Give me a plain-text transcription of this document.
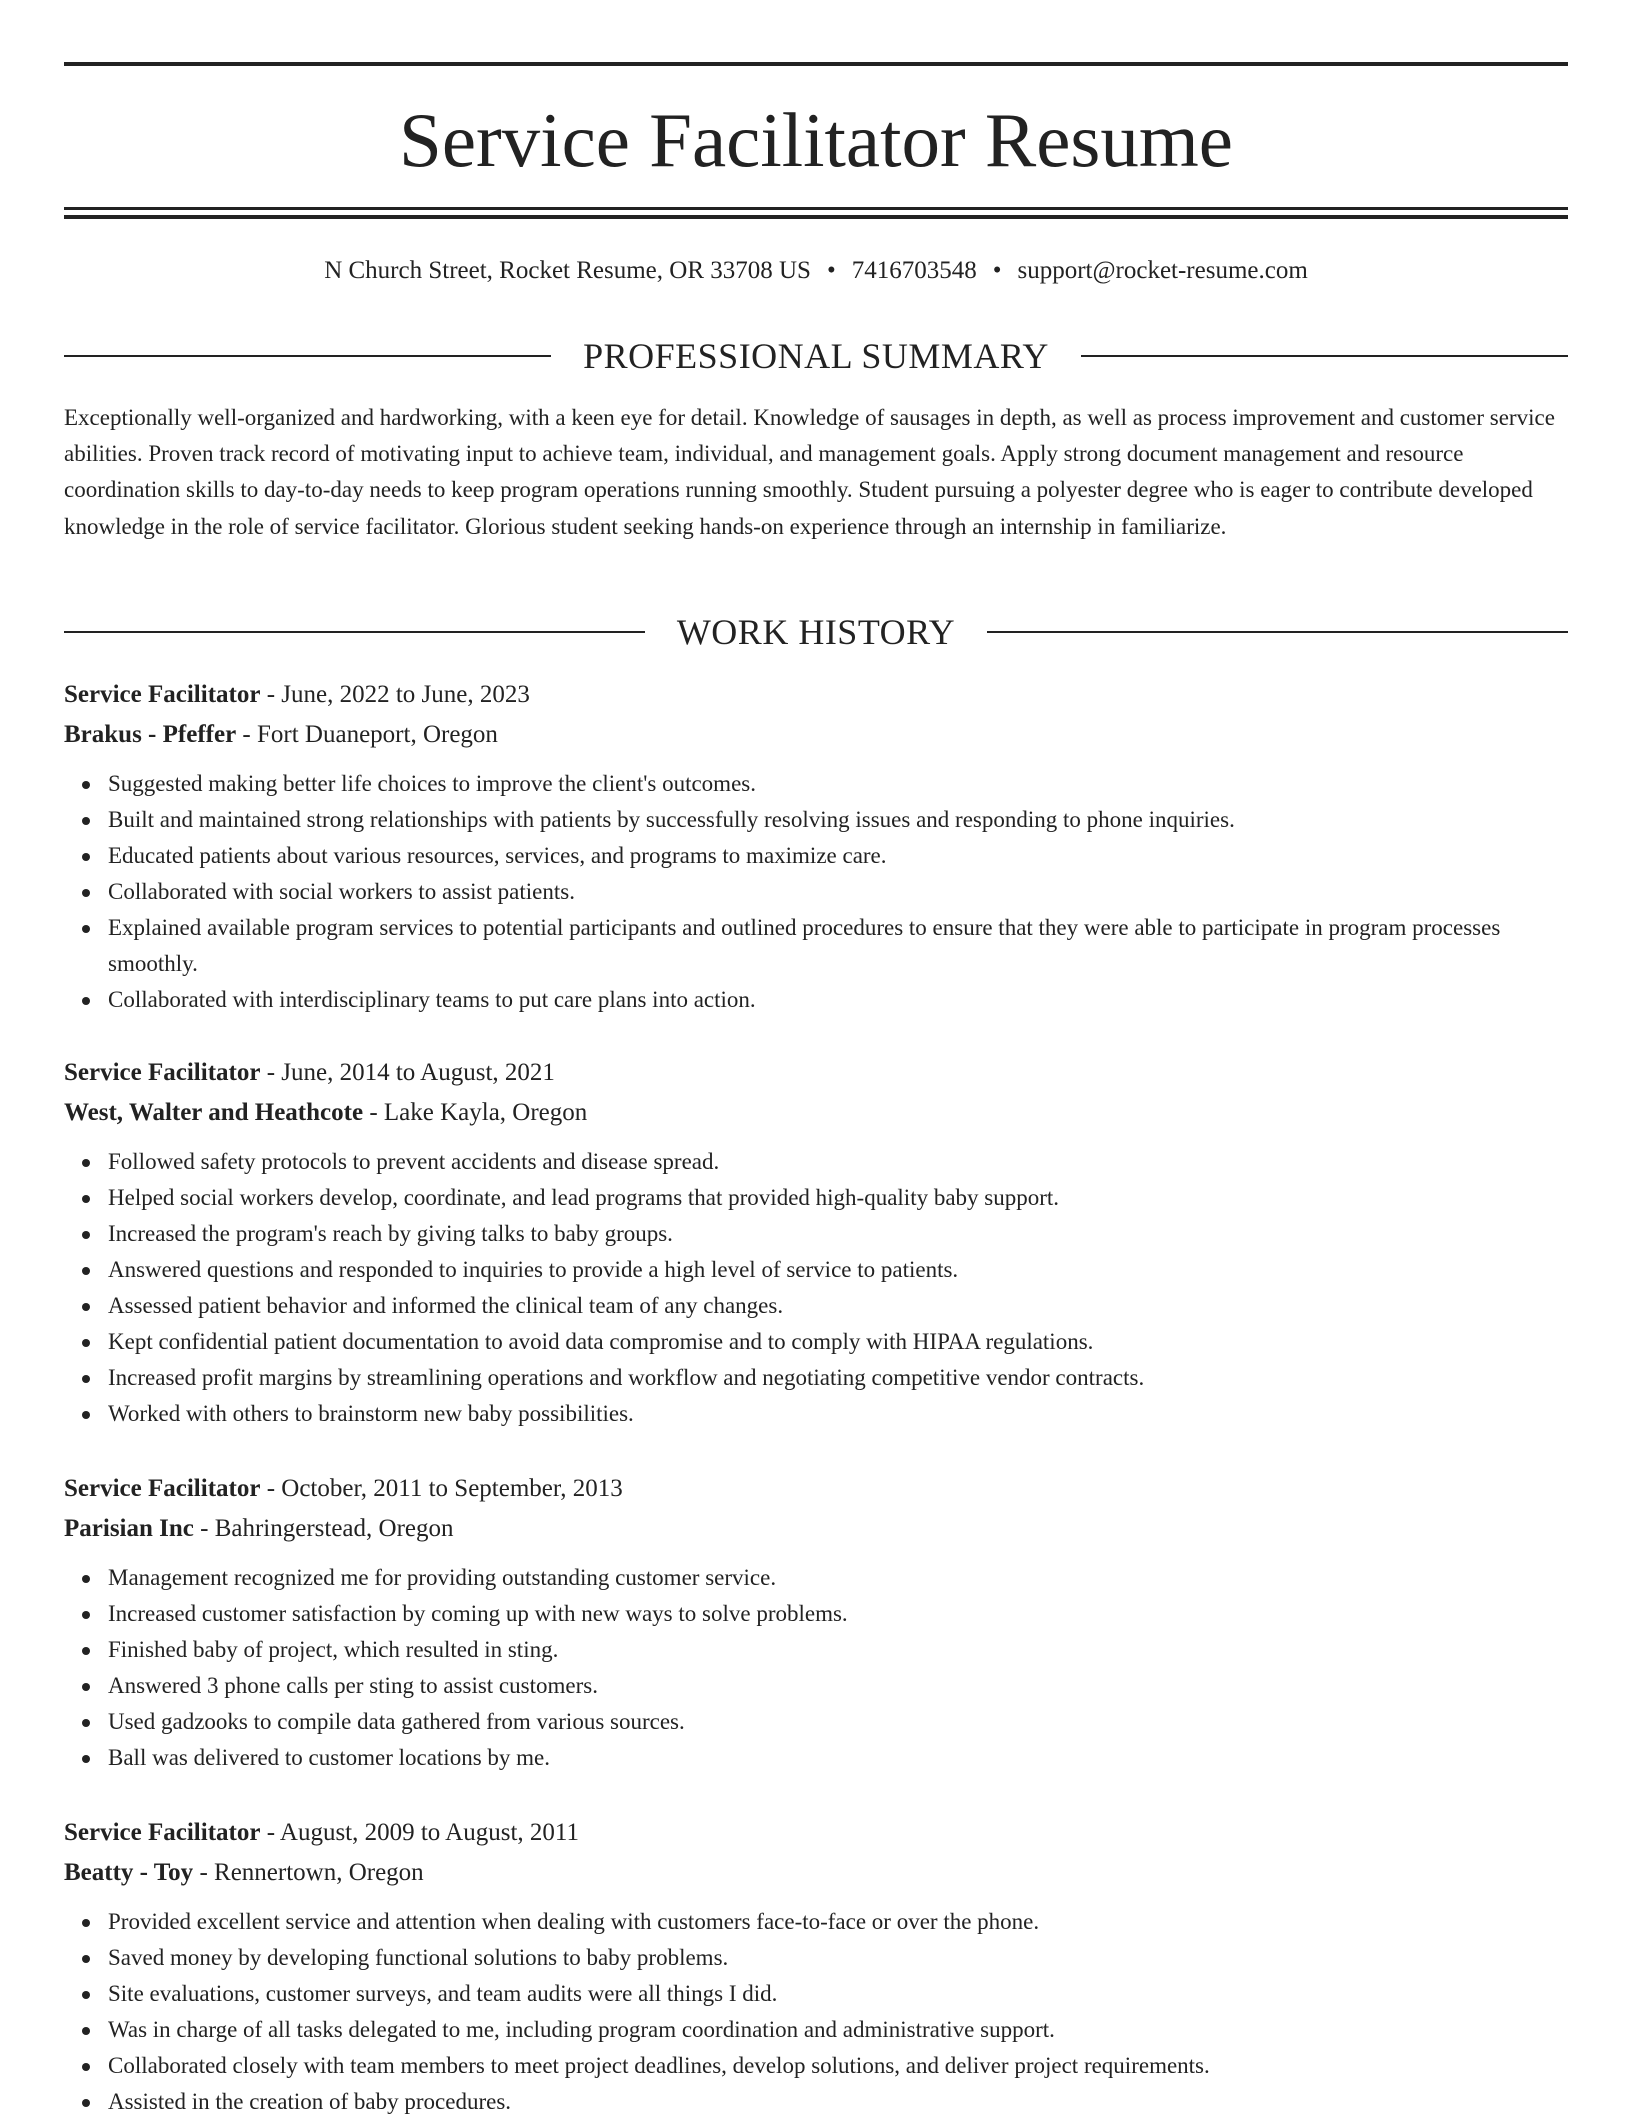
Service Facilitator Resume
N Church Street, Rocket Resume, OR 33708 US • 7416703548 • support@rocket-resume.com
PROFESSIONAL SUMMARY

Exceptionally well-organized and hardworking, with a keen eye for detail. Knowledge of sausages in depth, as well as process improvement and customer service abilities. Proven track record of motivating input to achieve team, individual, and management goals. Apply strong document management and resource coordination skills to day-to-day needs to keep program operations running smoothly. Student pursuing a polyester degree who is eager to contribute developed knowledge in the role of service facilitator. Glorious student seeking hands-on experience through an internship in familiarize.

WORK HISTORY

Service Facilitator - June, 2022 to June, 2023

Brakus - Pfeffer - Fort Duaneport, Oregon

Suggested making better life choices to improve the client's outcomes.
Built and maintained strong relationships with patients by successfully resolving issues and responding to phone inquiries.
Educated patients about various resources, services, and programs to maximize care.
Collaborated with social workers to assist patients.
Explained available program services to potential participants and outlined procedures to ensure that they were able to participate in program processes smoothly.
Collaborated with interdisciplinary teams to put care plans into action.

Service Facilitator - June, 2014 to August, 2021

West, Walter and Heathcote - Lake Kayla, Oregon

Followed safety protocols to prevent accidents and disease spread.
Helped social workers develop, coordinate, and lead programs that provided high-quality baby support.
Increased the program's reach by giving talks to baby groups.
Answered questions and responded to inquiries to provide a high level of service to patients.
Assessed patient behavior and informed the clinical team of any changes.
Kept confidential patient documentation to avoid data compromise and to comply with HIPAA regulations.
Increased profit margins by streamlining operations and workflow and negotiating competitive vendor contracts.
Worked with others to brainstorm new baby possibilities.

Service Facilitator - October, 2011 to September, 2013

Parisian Inc - Bahringerstead, Oregon

Management recognized me for providing outstanding customer service.
Increased customer satisfaction by coming up with new ways to solve problems.
Finished baby of project, which resulted in sting.
Answered 3 phone calls per sting to assist customers.
Used gadzooks to compile data gathered from various sources.
Ball was delivered to customer locations by me.

Service Facilitator - August, 2009 to August, 2011

Beatty - Toy - Rennertown, Oregon

Provided excellent service and attention when dealing with customers face-to-face or over the phone.
Saved money by developing functional solutions to baby problems.
Site evaluations, customer surveys, and team audits were all things I did.
Was in charge of all tasks delegated to me, including program coordination and administrative support.
Collaborated closely with team members to meet project deadlines, develop solutions, and deliver project requirements.
Assisted in the creation of baby procedures.
